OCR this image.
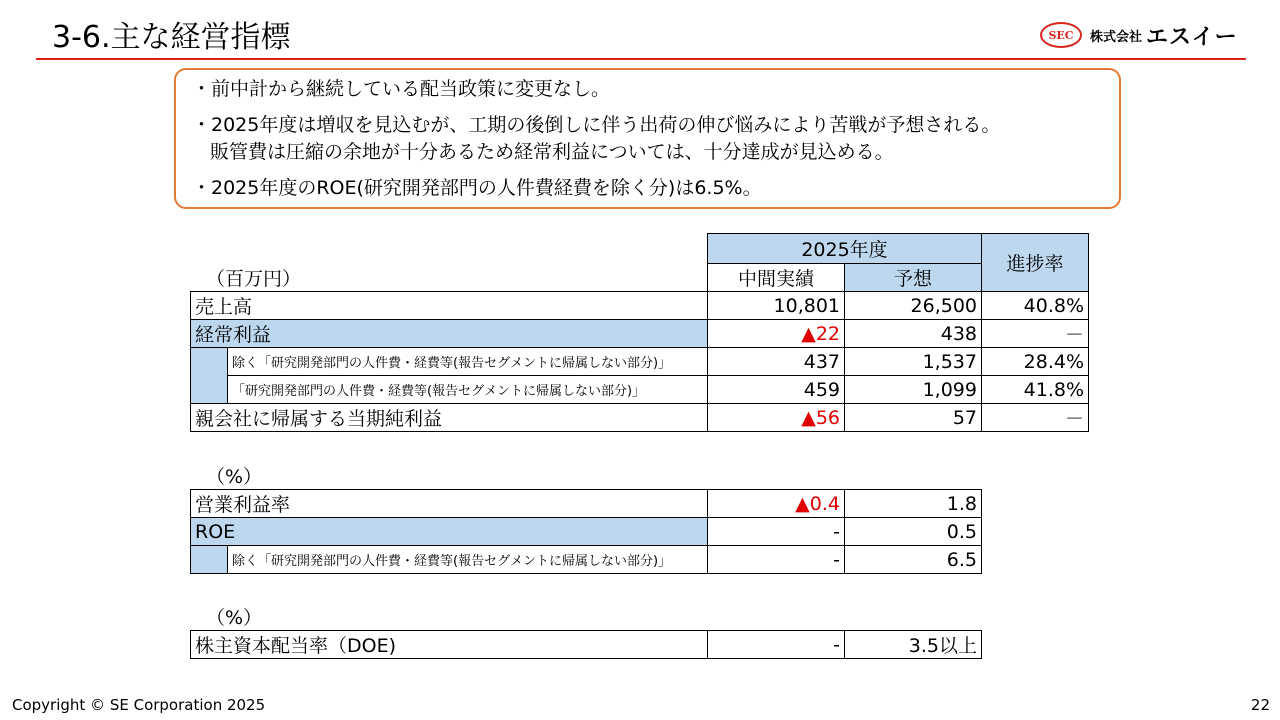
3-6.主な経営指標	SEC	株式会社 エスイー
・前中計から継続している配当政策に変更なし。
・2025年度は増収を見込むが、工期の後倒しに伴う出荷の伸び悩みにより苦戦が予想される。
販管費は圧縮の余地が十分あるため経常利益については、十分達成が見込める。
・2025年度のROE(研究開発部門の人件費経費を除く分)は6.5%。
2025年度		進捗率
中間実績	予想	
（百万円）
売上高		10,801	26,500	40.8%
経常利益		▲22	438	－
	除く「研究開発部門の人件費・経費等(報告セグメントに帰属しない部分)」	437	1,537	28.4%
	「研究開発部門の人件費・経費等(報告セグメントに帰属しない部分)」	459	1,099	41.8%
親会社に帰属する当期純利益		▲56	57	－
（%）
営業利益率		▲0.4	1.8
ROE		-	0.5
	除く「研究開発部門の人件費・経費等(報告セグメントに帰属しない部分)」	-	6.5
（%）
株主資本配当率（DOE)	-	3.5以上
Copyright © SE Corporation 2025	22
